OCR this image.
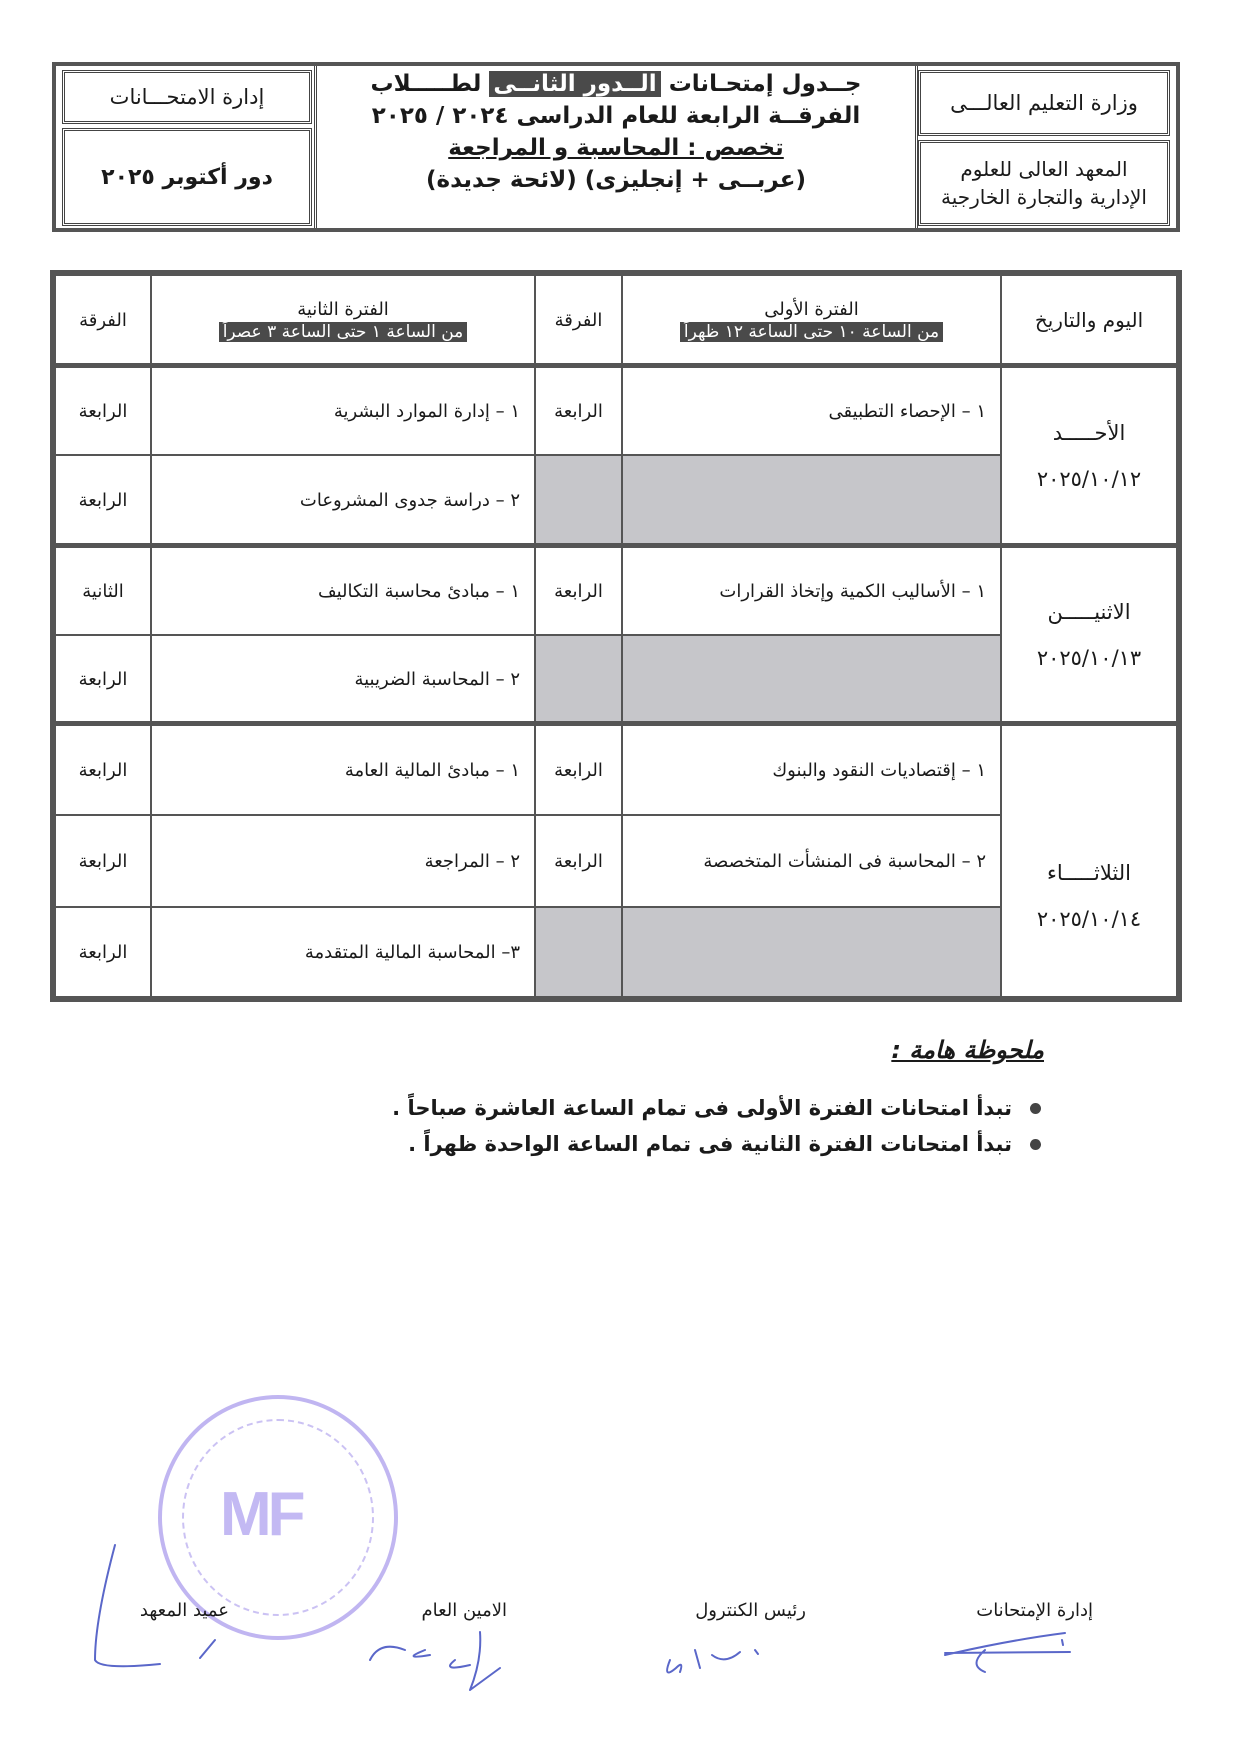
وزارة التعليم العالـــى
المعهد العالى للعلوم الإدارية والتجارة الخارجية
جــدول إمتحـانات الــدور الثانــى لطـــــلاب
الفرقــة الرابعة للعام الدراسى ٢٠٢٤ / ٢٠٢٥
تخصص : المحاسبة و المراجعة
(عربــى + إنجليزى) (لائحة جديدة)
إدارة الامتحـــانات
دور أكتوبر ٢٠٢٥
اليوم والتاريخ
الفترة الأولى
من الساعة ١٠ حتى الساعة ١٢ ظهراً
الفرقة
الفترة الثانية
من الساعة ١ حتى الساعة ٣ عصراً
الفرقة
الأحـــــد
٢٠٢٥/١٠/١٢
١ – الإحصاء التطبيقى
الرابعة
١ – إدارة الموارد البشرية
الرابعة
٢ – دراسة جدوى المشروعات
الرابعة
الاثنيـــــن
٢٠٢٥/١٠/١٣
١ – الأساليب الكمية وإتخاذ القرارات
الرابعة
١ – مبادئ محاسبة التكاليف
الثانية
٢ – المحاسبة الضريبية
الرابعة
الثلاثـــــاء
٢٠٢٥/١٠/١٤
١ – إقتصاديات النقود والبنوك
الرابعة
١ – مبادئ المالية العامة
الرابعة
٢ – المحاسبة فى المنشأت المتخصصة
الرابعة
٢ – المراجعة
الرابعة
٣– المحاسبة المالية المتقدمة
الرابعة
ملحوظة هامة :
تبدأ امتحانات الفترة الأولى فى تمام الساعة العاشرة صباحاً .
تبدأ امتحانات الفترة الثانية فى تمام الساعة الواحدة ظهراً .
MF
إدارة الإمتحانات
رئيس الكنترول
الامين العام
عميد المعهد
